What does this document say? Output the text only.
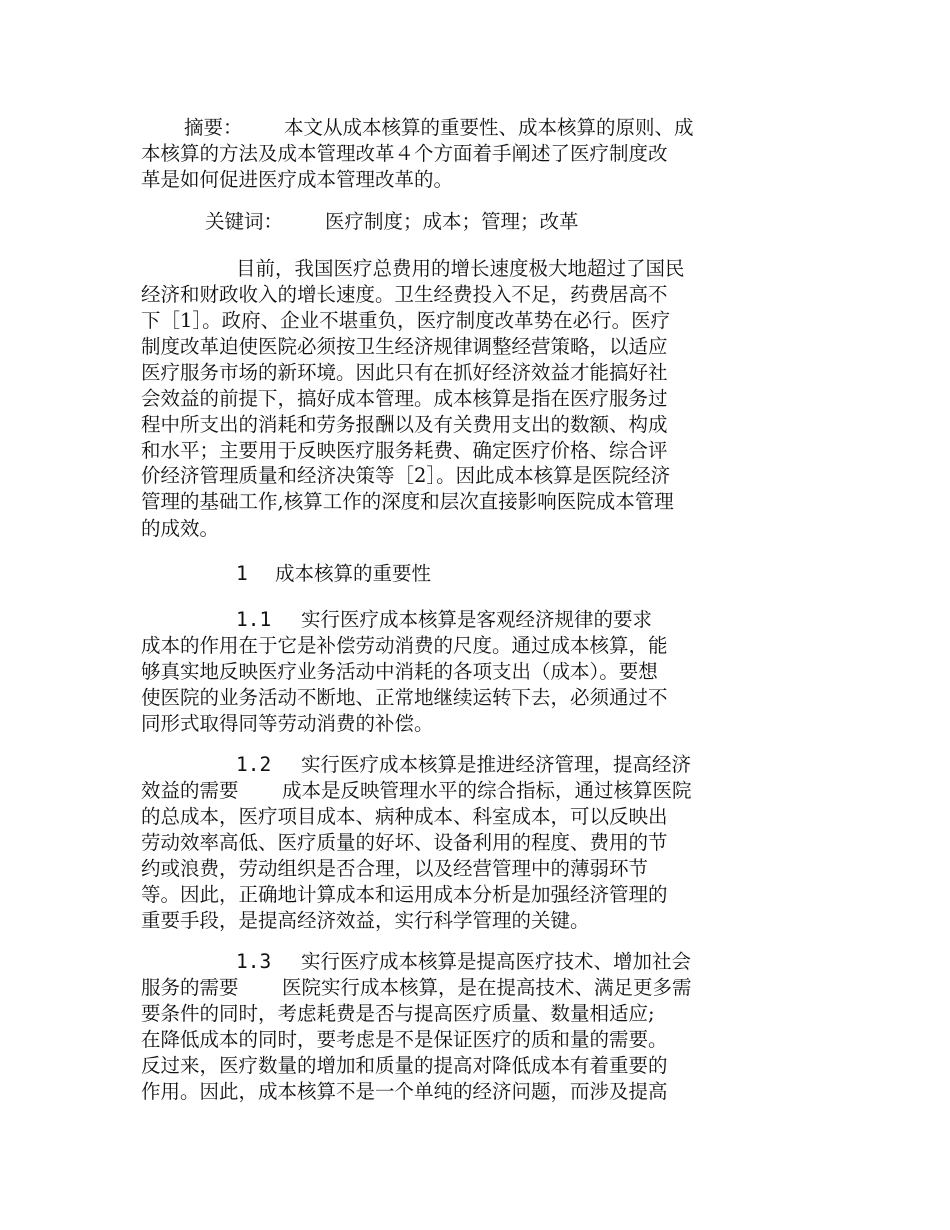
摘要： 本文从成本核算的重要性、成本核算的原则、成
本核算的方法及成本管理改革４个方面着手阐述了医疗制度改
革是如何促进医疗成本管理改革的。
关键词： 医疗制度；成本；管理；改革
目前，我国医疗总费用的增长速度极大地超过了国民
经济和财政收入的增长速度。卫生经费投入不足，药费居高不
下［1］。政府、企业不堪重负，医疗制度改革势在必行。医疗
制度改革迫使医院必须按卫生经济规律调整经营策略，以适应
医疗服务市场的新环境。因此只有在抓好经济效益才能搞好社
会效益的前提下，搞好成本管理。成本核算是指在医疗服务过
程中所支出的消耗和劳务报酬以及有关费用支出的数额、构成
和水平；主要用于反映医疗服务耗费、确定医疗价格、综合评
价经济管理质量和经济决策等［2］。因此成本核算是医院经济
管理的基础工作,核算工作的深度和层次直接影响医院成本管理
的成效。
1 成本核算的重要性
1.1 实行医疗成本核算是客观经济规律的要求
成本的作用在于它是补偿劳动消费的尺度。通过成本核算，能
够真实地反映医疗业务活动中消耗的各项支出（成本）。要想
使医院的业务活动不断地、正常地继续运转下去，必须通过不
同形式取得同等劳动消费的补偿。
1.2 实行医疗成本核算是推进经济管理，提高经济
效益的需要 成本是反映管理水平的综合指标，通过核算医院
的总成本，医疗项目成本、病种成本、科室成本，可以反映出
劳动效率高低、医疗质量的好坏、设备利用的程度、费用的节
约或浪费，劳动组织是否合理，以及经营管理中的薄弱环节
等。因此，正确地计算成本和运用成本分析是加强经济管理的
重要手段，是提高经济效益，实行科学管理的关键。
1.3 实行医疗成本核算是提高医疗技术、增加社会
服务的需要 医院实行成本核算，是在提高技术、满足更多需
要条件的同时，考虑耗费是否与提高医疗质量、数量相适应;
在降低成本的同时，要考虑是不是保证医疗的质和量的需要。
反过来，医疗数量的增加和质量的提高对降低成本有着重要的
作用。因此，成本核算不是一个单纯的经济问题，而涉及提高
